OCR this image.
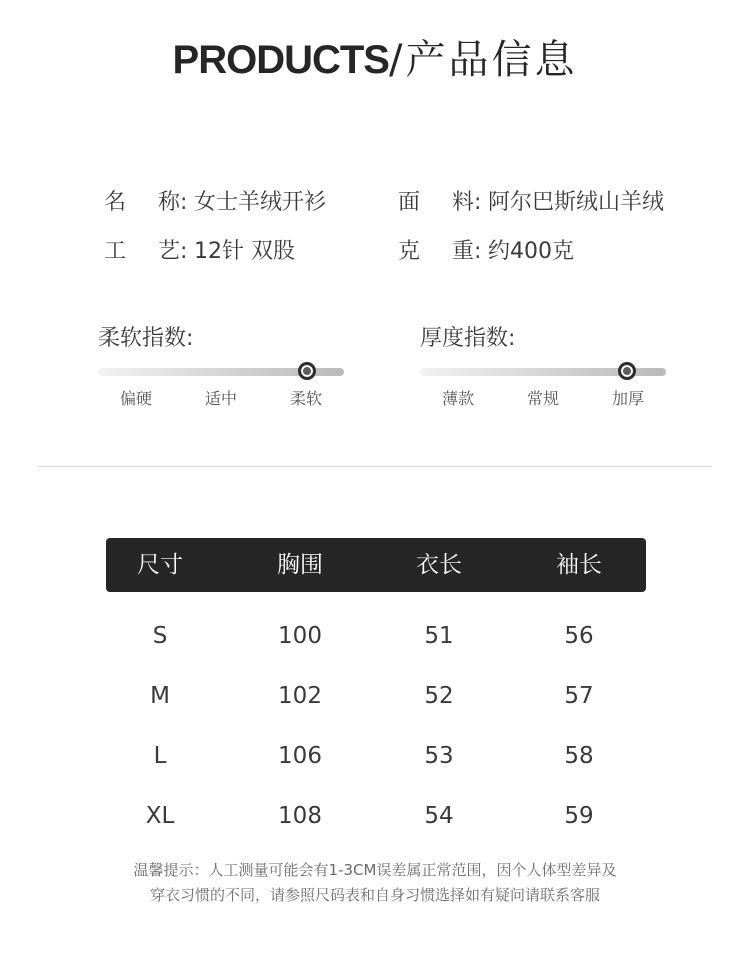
PRODUCTS/产品信息
名称: 女士羊绒开衫	面料: 阿尔巴斯绒山羊绒
工艺: 12针 双股	克重: 约400克
柔软指数:
偏硬	适中	柔软
厚度指数:
薄款	常规	加厚
尺寸	胸围	衣长	袖长
S	100	51	56
M	102	52	57
L	106	53	58
XL	108	54	59
温馨提示：人工测量可能会有1-3CM误差属正常范围，因个人体型差异及
穿衣习惯的不同，请参照尺码表和自身习惯选择如有疑问请联系客服
